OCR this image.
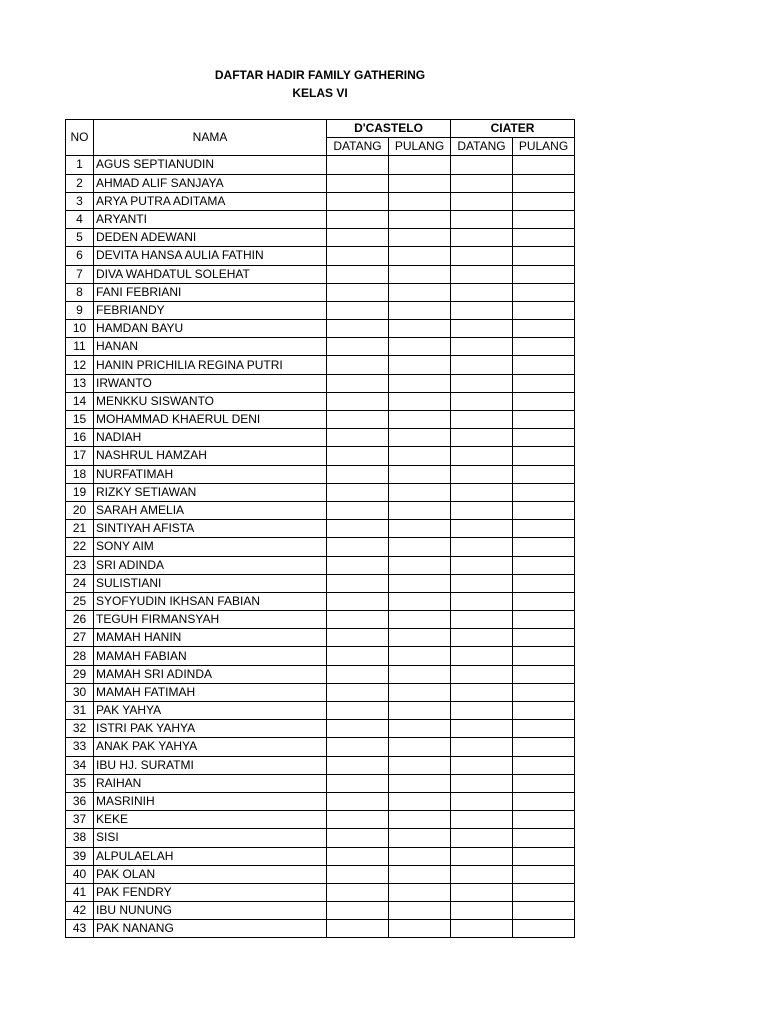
DAFTAR HADIR FAMILY GATHERING
KELAS VI
NO	NAMA	D'CASTELO		CIATER	
		DATANG	PULANG	DATANG	PULANG
1	AGUS SEPTIANUDIN				
2	AHMAD ALIF SANJAYA				
3	ARYA PUTRA ADITAMA				
4	ARYANTI				
5	DEDEN ADEWANI				
6	DEVITA HANSA AULIA FATHIN				
7	DIVA WAHDATUL SOLEHAT				
8	FANI FEBRIANI				
9	FEBRIANDY				
10	HAMDAN BAYU				
11	HANAN				
12	HANIN PRICHILIA REGINA PUTRI				
13	IRWANTO				
14	MENKKU SISWANTO				
15	MOHAMMAD KHAERUL DENI				
16	NADIAH				
17	NASHRUL HAMZAH				
18	NURFATIMAH				
19	RIZKY SETIAWAN				
20	SARAH AMELIA				
21	SINTIYAH AFISTA				
22	SONY AIM				
23	SRI ADINDA				
24	SULISTIANI				
25	SYOFYUDIN IKHSAN FABIAN				
26	TEGUH FIRMANSYAH				
27	MAMAH HANIN				
28	MAMAH FABIAN				
29	MAMAH SRI ADINDA				
30	MAMAH FATIMAH				
31	PAK YAHYA				
32	ISTRI PAK YAHYA				
33	ANAK PAK YAHYA				
34	IBU HJ. SURATMI				
35	RAIHAN				
36	MASRINIH				
37	KEKE				
38	SISI				
39	ALPULAELAH				
40	PAK OLAN				
41	PAK FENDRY				
42	IBU NUNUNG				
43	PAK NANANG				
